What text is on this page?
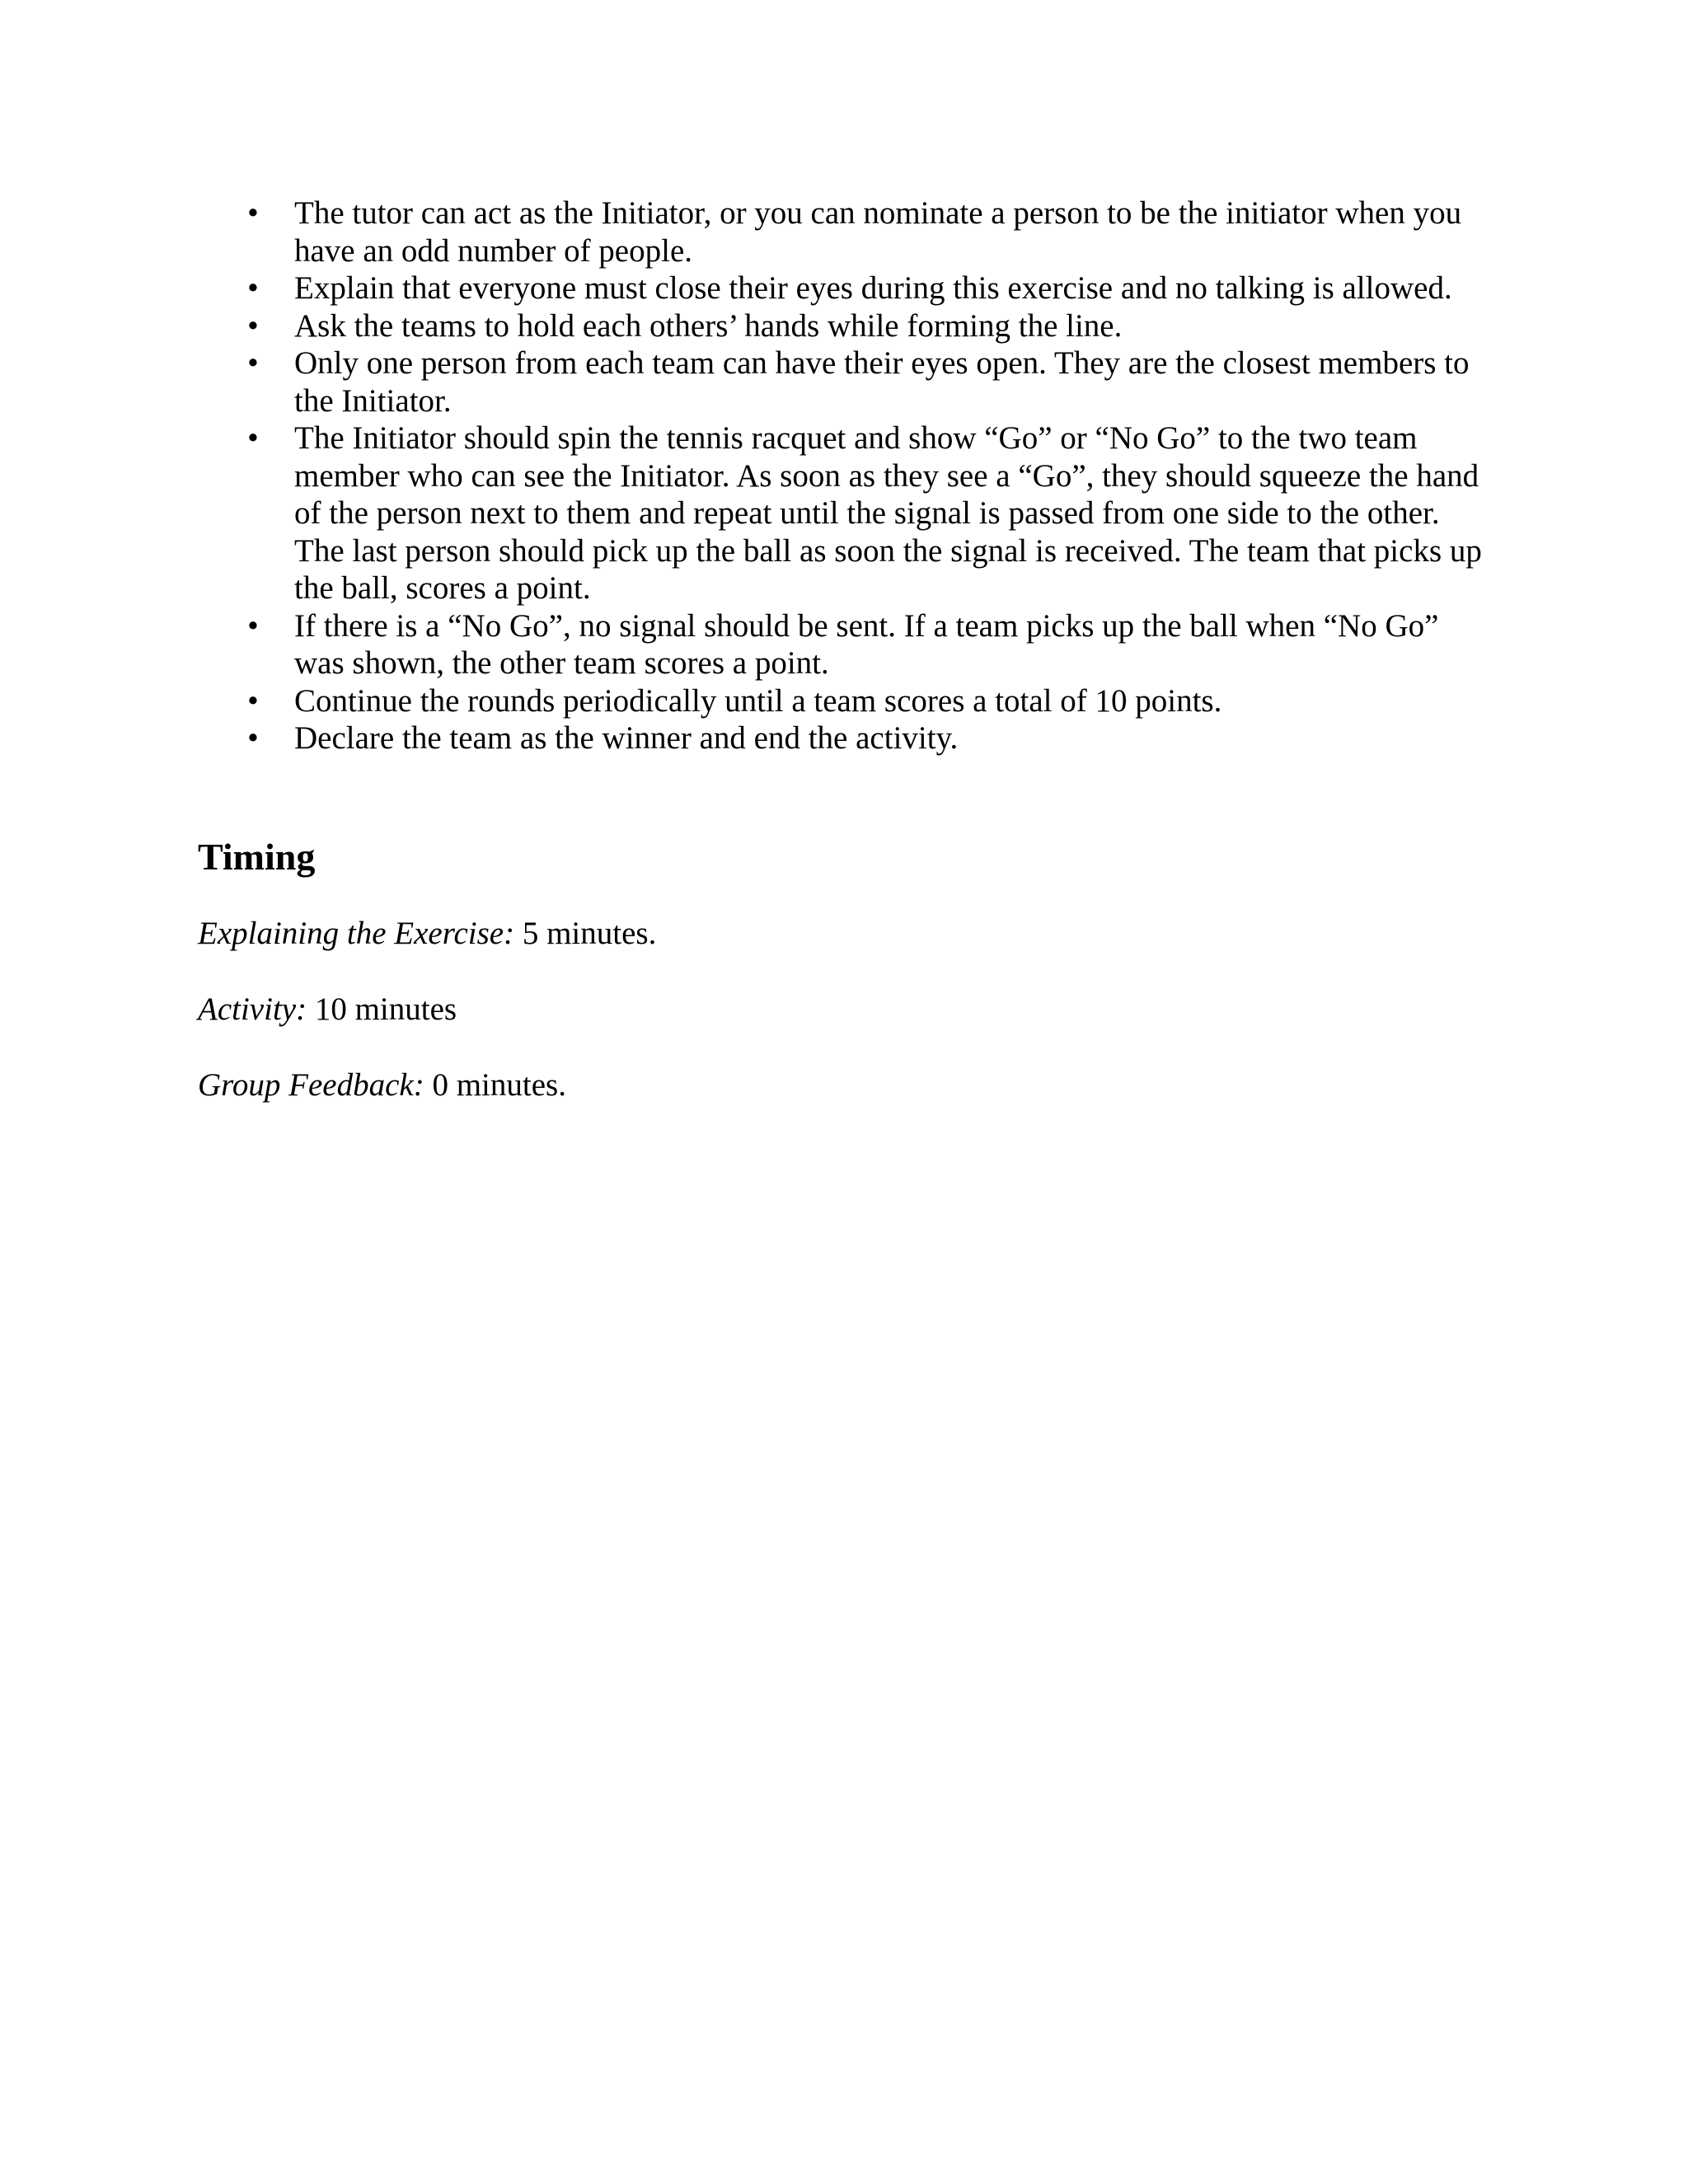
• The tutor can act as the Initiator, or you can nominate a person to be the initiator when you have an odd number of people.
• Explain that everyone must close their eyes during this exercise and no talking is allowed.
• Ask the teams to hold each others’ hands while forming the line.
• Only one person from each team can have their eyes open. They are the closest members to the Initiator.
• The Initiator should spin the tennis racquet and show “Go” or “No Go” to the two team member who can see the Initiator. As soon as they see a “Go”, they should squeeze the hand of the person next to them and repeat until the signal is passed from one side to the other. The last person should pick up the ball as soon the signal is received. The team that picks up the ball, scores a point.
• If there is a “No Go”, no signal should be sent. If a team picks up the ball when “No Go” was shown, the other team scores a point.
• Continue the rounds periodically until a team scores a total of 10 points.
• Declare the team as the winner and end the activity.
Timing

Explaining the Exercise: 5 minutes.

Activity: 10 minutes

Group Feedback: 0 minutes.
